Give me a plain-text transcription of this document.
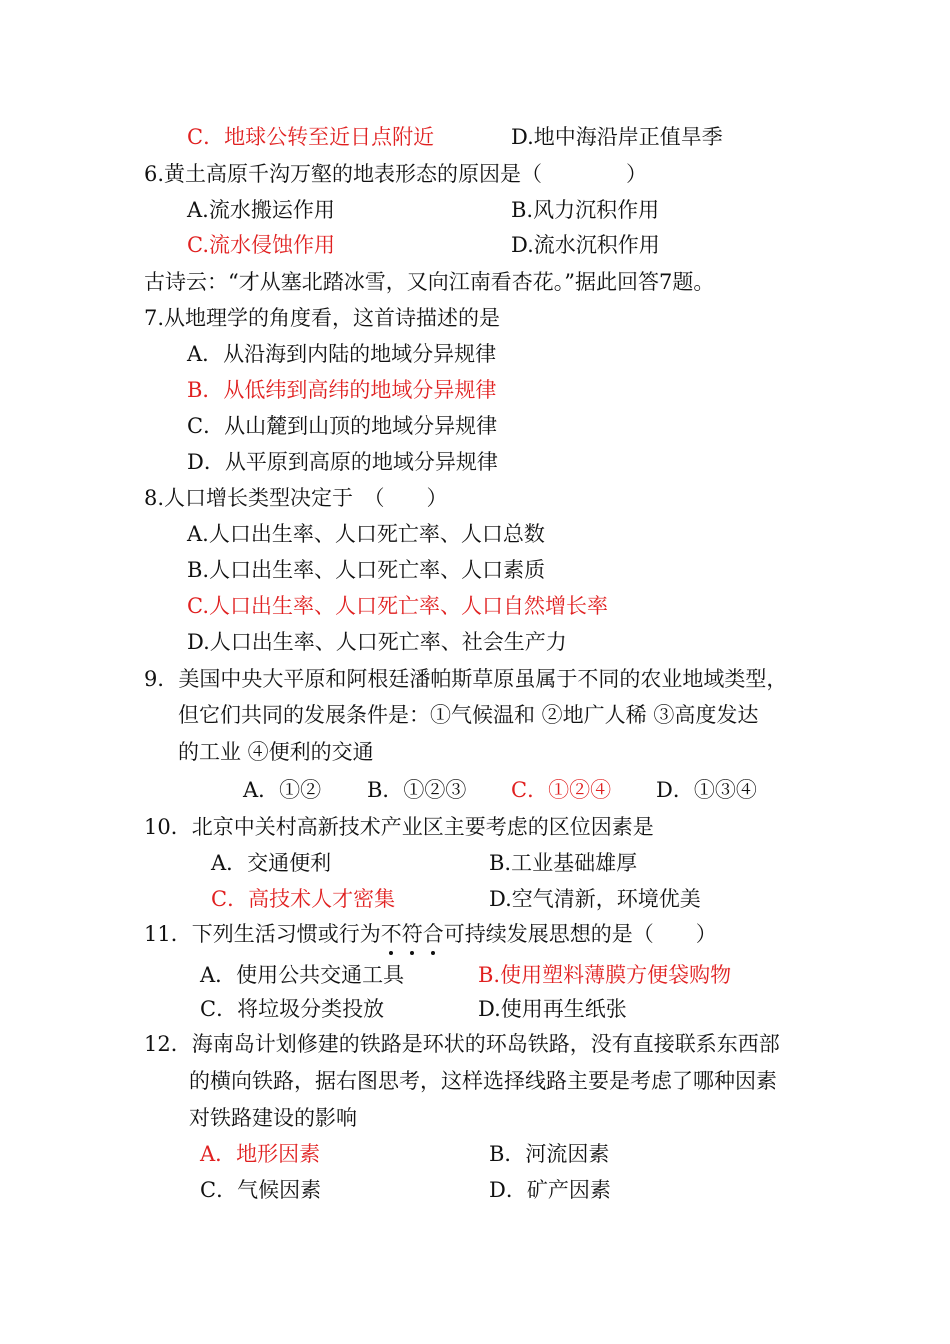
C．地球公转至近日点附近	D.地中海沿岸正值旱季
6.黄土高原千沟万壑的地表形态的原因是（　　　　）
A.流水搬运作用	B.风力沉积作用
C.流水侵蚀作用	D.流水沉积作用
古诗云：“才从塞北踏冰雪，又向江南看杏花。”据此回答7题。
7.从地理学的角度看，这首诗描述的是
A．从沿海到内陆的地域分异规律
B．从低纬到高纬的地域分异规律
C．从山麓到山顶的地域分异规律
D．从平原到高原的地域分异规律
8.人口增长类型决定于　（　　）
A.人口出生率、人口死亡率、人口总数
B.人口出生率、人口死亡率、人口素质
C.人口出生率、人口死亡率、人口自然增长率
D.人口出生率、人口死亡率、社会生产力
9．美国中央大平原和阿根廷潘帕斯草原虽属于不同的农业地域类型，
但它们共同的发展条件是：①气候温和 ②地广人稀 ③高度发达
的工业 ④便利的交通
A．①② B．①②③ C．①②④ D．①③④
10．北京中关村高新技术产业区主要考虑的区位因素是
A．交通便利	B.工业基础雄厚
C．高技术人才密集	D.空气清新，环境优美
11．下列生活习惯或行为不符合可持续发展思想的是（　　）
A．使用公共交通工具	B.使用塑料薄膜方便袋购物
C．将垃圾分类投放	D.使用再生纸张
12．海南岛计划修建的铁路是环状的环岛铁路，没有直接联系东西部
的横向铁路，据右图思考，这样选择线路主要是考虑了哪种因素
对铁路建设的影响
A．地形因素	B．河流因素
C．气候因素	D．矿产因素
